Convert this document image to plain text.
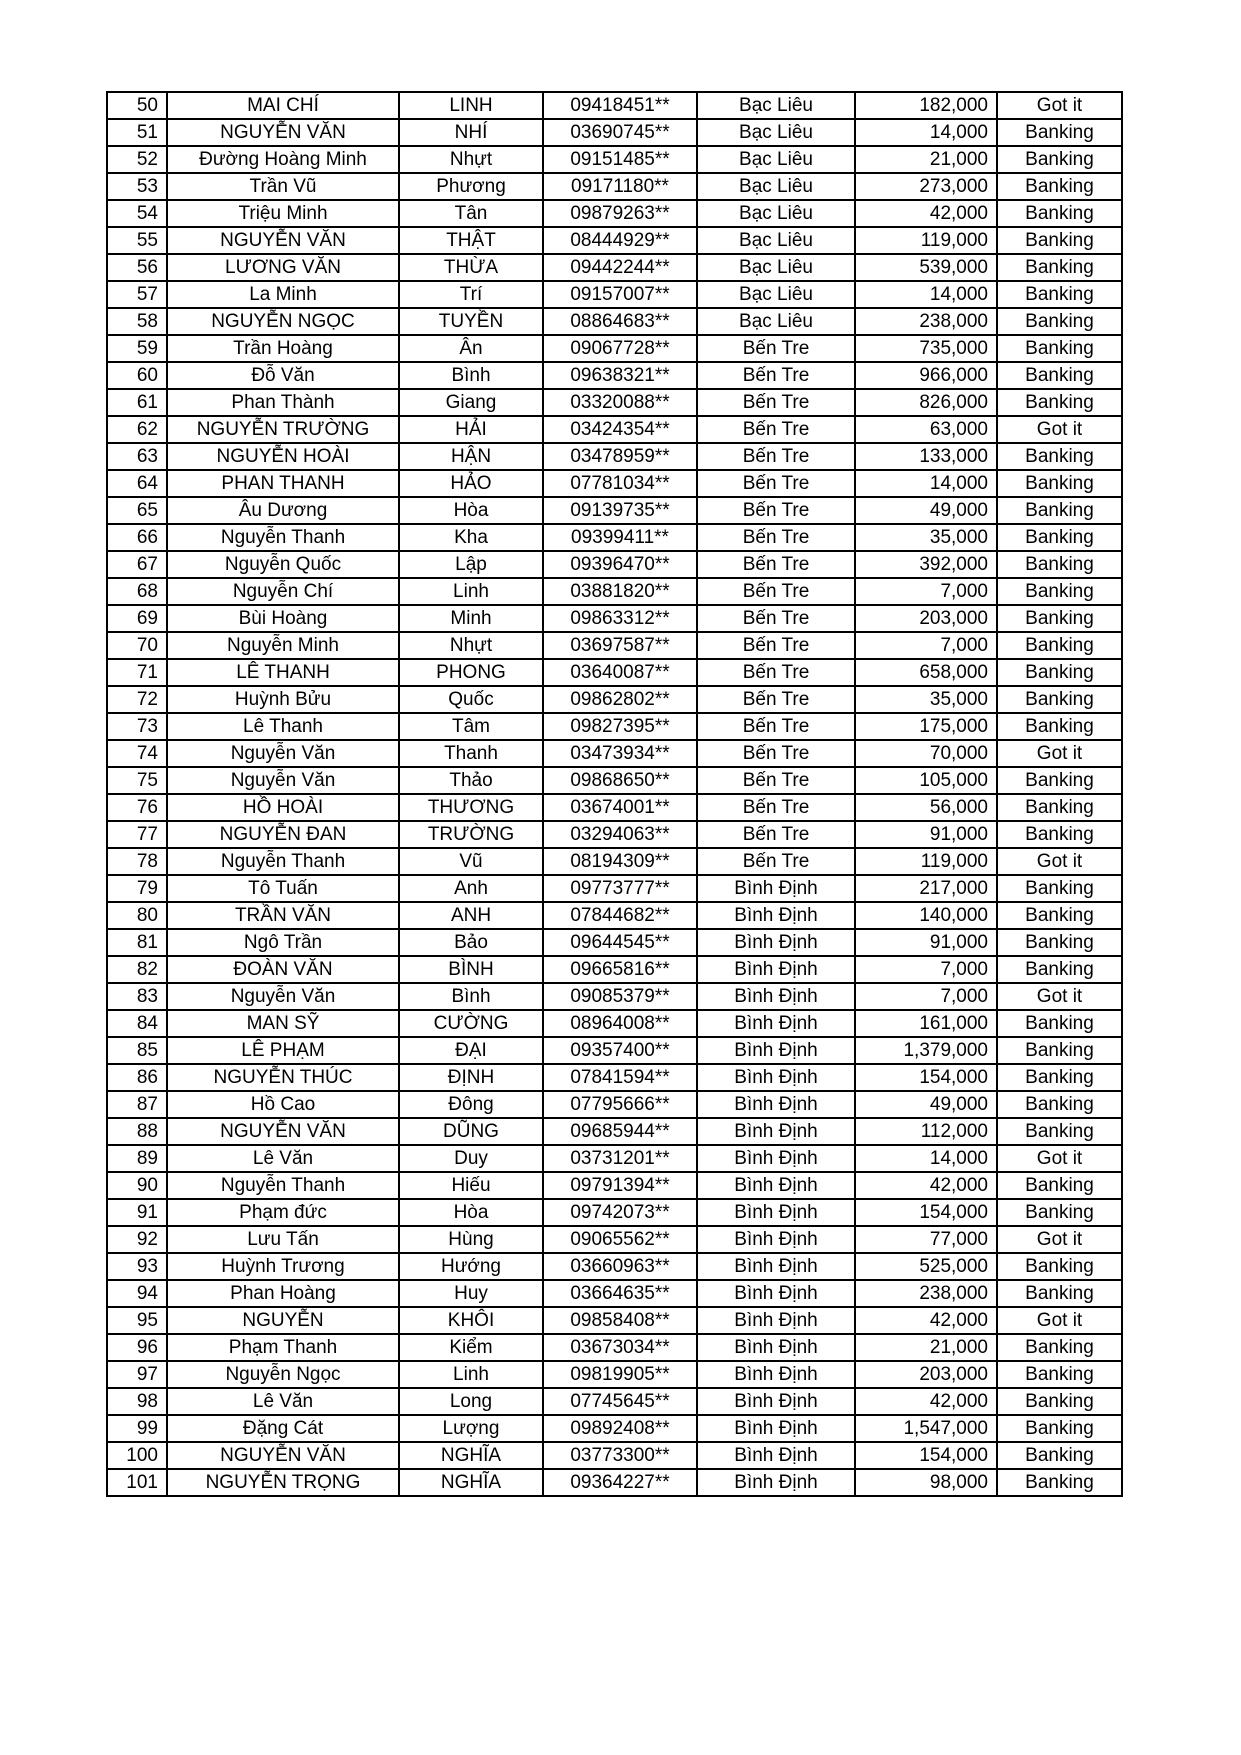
50	MAI CHÍ	LINH	09418451**	Bạc Liêu	182,000	Got it
51	NGUYỄN VĂN	NHÍ	03690745**	Bạc Liêu	14,000	Banking
52	Đường Hoàng Minh	Nhựt	09151485**	Bạc Liêu	21,000	Banking
53	Trần Vũ	Phương	09171180**	Bạc Liêu	273,000	Banking
54	Triệu Minh	Tân	09879263**	Bạc Liêu	42,000	Banking
55	NGUYỄN VĂN	THẬT	08444929**	Bạc Liêu	119,000	Banking
56	LƯƠNG VĂN	THỪA	09442244**	Bạc Liêu	539,000	Banking
57	La Minh	Trí	09157007**	Bạc Liêu	14,000	Banking
58	NGUYỄN NGỌC	TUYỀN	08864683**	Bạc Liêu	238,000	Banking
59	Trần Hoàng	Ân	09067728**	Bến Tre	735,000	Banking
60	Đỗ Văn	Bình	09638321**	Bến Tre	966,000	Banking
61	Phan Thành	Giang	03320088**	Bến Tre	826,000	Banking
62	NGUYỄN TRƯỜNG	HẢI	03424354**	Bến Tre	63,000	Got it
63	NGUYỄN HOÀI	HẬN	03478959**	Bến Tre	133,000	Banking
64	PHAN THANH	HẢO	07781034**	Bến Tre	14,000	Banking
65	Âu Dương	Hòa	09139735**	Bến Tre	49,000	Banking
66	Nguyễn Thanh	Kha	09399411**	Bến Tre	35,000	Banking
67	Nguyễn Quốc	Lập	09396470**	Bến Tre	392,000	Banking
68	Nguyễn Chí	Linh	03881820**	Bến Tre	7,000	Banking
69	Bùi Hoàng	Minh	09863312**	Bến Tre	203,000	Banking
70	Nguyễn Minh	Nhựt	03697587**	Bến Tre	7,000	Banking
71	LÊ THANH	PHONG	03640087**	Bến Tre	658,000	Banking
72	Huỳnh Bửu	Quốc	09862802**	Bến Tre	35,000	Banking
73	Lê Thanh	Tâm	09827395**	Bến Tre	175,000	Banking
74	Nguyễn Văn	Thanh	03473934**	Bến Tre	70,000	Got it
75	Nguyễn Văn	Thảo	09868650**	Bến Tre	105,000	Banking
76	HỒ HOÀI	THƯƠNG	03674001**	Bến Tre	56,000	Banking
77	NGUYỄN ĐAN	TRƯỜNG	03294063**	Bến Tre	91,000	Banking
78	Nguyễn Thanh	Vũ	08194309**	Bến Tre	119,000	Got it
79	Tô Tuấn	Anh	09773777**	Bình Định	217,000	Banking
80	TRẦN VĂN	ANH	07844682**	Bình Định	140,000	Banking
81	Ngô Trần	Bảo	09644545**	Bình Định	91,000	Banking
82	ĐOÀN VĂN	BÌNH	09665816**	Bình Định	7,000	Banking
83	Nguyễn Văn	Bình	09085379**	Bình Định	7,000	Got it
84	MAN SỸ	CƯỜNG	08964008**	Bình Định	161,000	Banking
85	LÊ PHẠM	ĐẠI	09357400**	Bình Định	1,379,000	Banking
86	NGUYỄN THÚC	ĐỊNH	07841594**	Bình Định	154,000	Banking
87	Hồ Cao	Đông	07795666**	Bình Định	49,000	Banking
88	NGUYỄN VĂN	DŨNG	09685944**	Bình Định	112,000	Banking
89	Lê Văn	Duy	03731201**	Bình Định	14,000	Got it
90	Nguyễn Thanh	Hiếu	09791394**	Bình Định	42,000	Banking
91	Phạm đức	Hòa	09742073**	Bình Định	154,000	Banking
92	Lưu Tấn	Hùng	09065562**	Bình Định	77,000	Got it
93	Huỳnh Trương	Hướng	03660963**	Bình Định	525,000	Banking
94	Phan Hoàng	Huy	03664635**	Bình Định	238,000	Banking
95	NGUYỄN	KHÔI	09858408**	Bình Định	42,000	Got it
96	Phạm Thanh	Kiểm	03673034**	Bình Định	21,000	Banking
97	Nguyễn Ngọc	Linh	09819905**	Bình Định	203,000	Banking
98	Lê Văn	Long	07745645**	Bình Định	42,000	Banking
99	Đặng Cát	Lượng	09892408**	Bình Định	1,547,000	Banking
100	NGUYỄN VĂN	NGHĨA	03773300**	Bình Định	154,000	Banking
101	NGUYỄN TRỌNG	NGHĨA	09364227**	Bình Định	98,000	Banking
